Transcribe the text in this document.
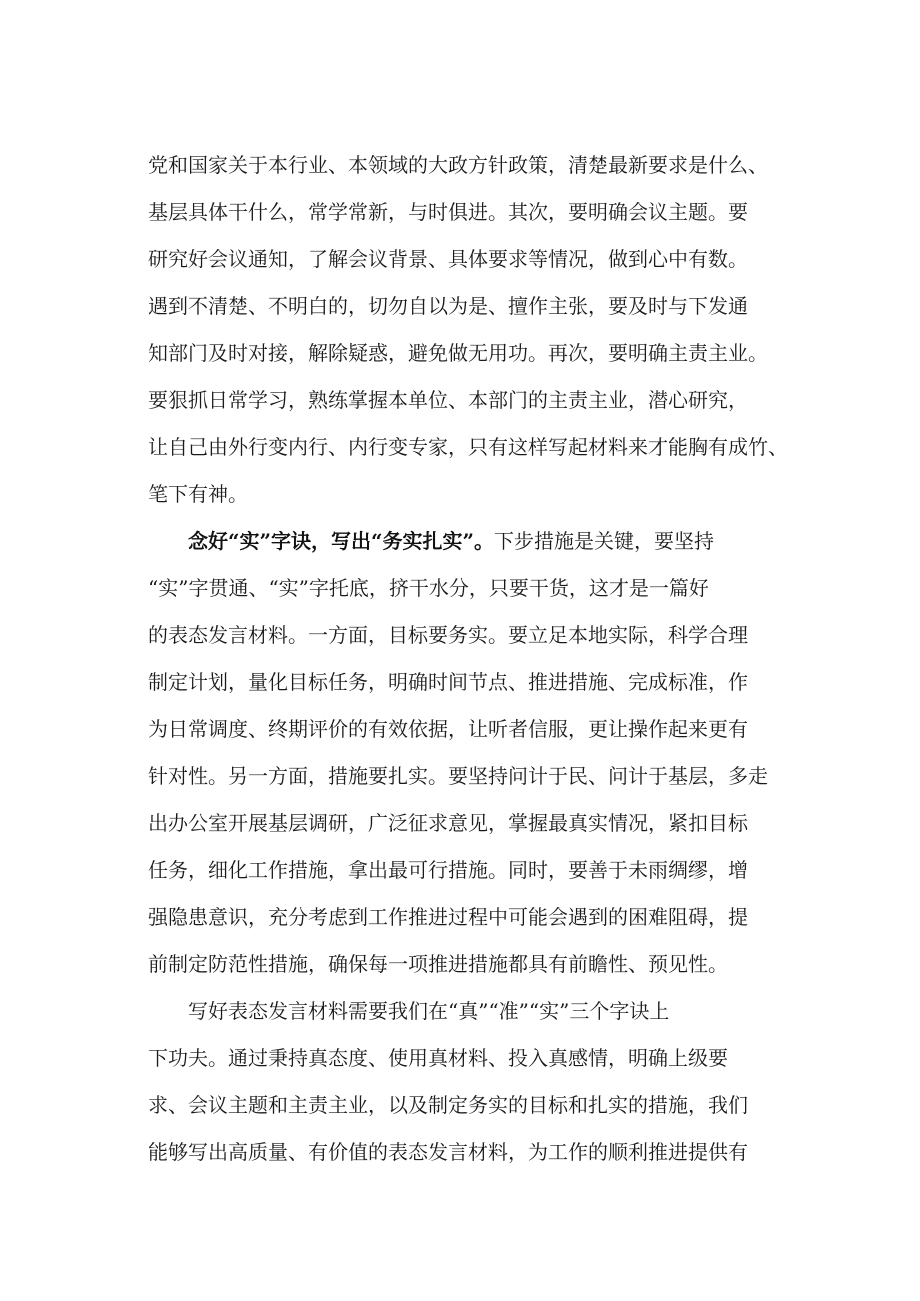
党和国家关于本行业、本领域的大政方针政策，清楚最新要求是什么、
基层具体干什么，常学常新，与时俱进。其次，要明确会议主题。要
研究好会议通知，了解会议背景、具体要求等情况，做到心中有数。
遇到不清楚、不明白的，切勿自以为是、擅作主张，要及时与下发通
知部门及时对接，解除疑惑，避免做无用功。再次，要明确主责主业。
要狠抓日常学习，熟练掌握本单位、本部门的主责主业，潜心研究，
让自己由外行变内行、内行变专家，只有这样写起材料来才能胸有成竹、
笔下有神。
念好“实”字诀，写出“务实扎实”。下步措施是关键，要坚持
“实”字贯通、“实”字托底，挤干水分，只要干货，这才是一篇好
的表态发言材料。一方面，目标要务实。要立足本地实际，科学合理
制定计划，量化目标任务，明确时间节点、推进措施、完成标准，作
为日常调度、终期评价的有效依据，让听者信服，更让操作起来更有
针对性。另一方面，措施要扎实。要坚持问计于民、问计于基层，多走
出办公室开展基层调研，广泛征求意见，掌握最真实情况，紧扣目标
任务，细化工作措施，拿出最可行措施。同时，要善于未雨绸缪，增
强隐患意识，充分考虑到工作推进过程中可能会遇到的困难阻碍，提
前制定防范性措施，确保每一项推进措施都具有前瞻性、预见性。
写好表态发言材料需要我们在“真”“准”“实”三个字诀上
下功夫。通过秉持真态度、使用真材料、投入真感情，明确上级要
求、会议主题和主责主业，以及制定务实的目标和扎实的措施，我们
能够写出高质量、有价值的表态发言材料，为工作的顺利推进提供有
